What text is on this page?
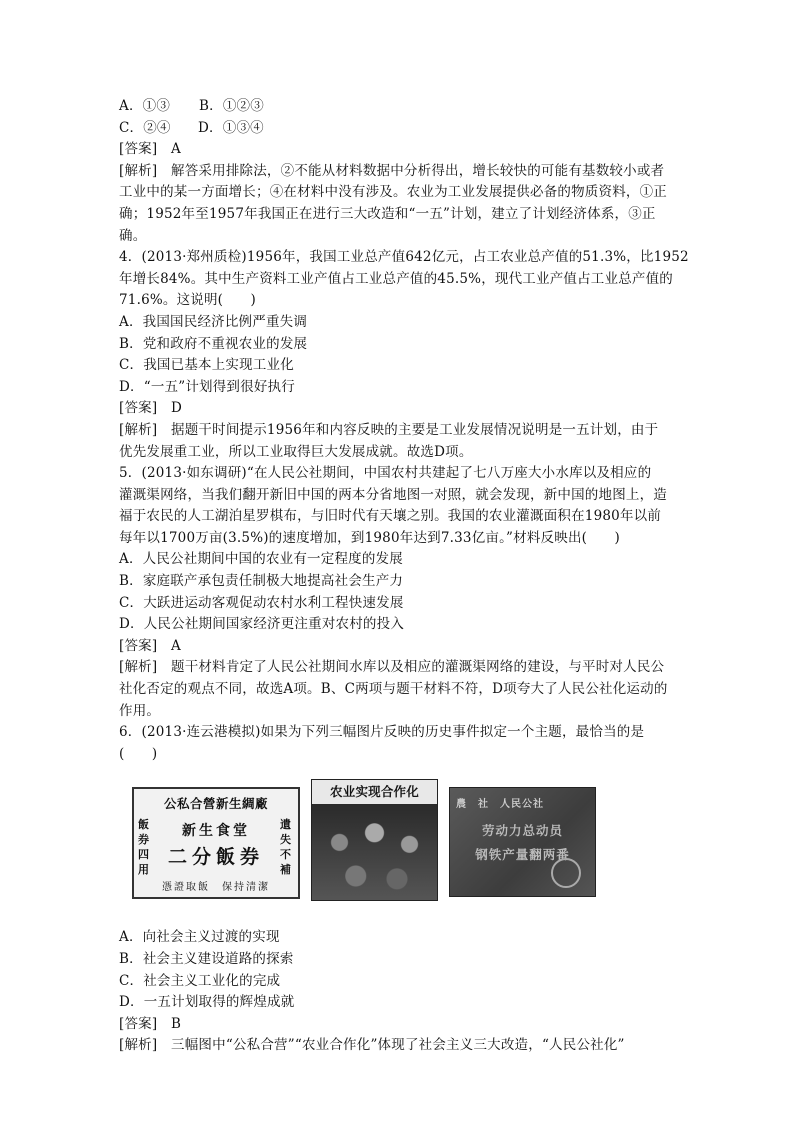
A．①③ B．①②③
C．②④　　D．①③④
[答案]　A
[解析]　解答采用排除法，②不能从材料数据中分析得出，增长较快的可能有基数较小或者
工业中的某一方面增长；④在材料中没有涉及。农业为工业发展提供必备的物质资料，①正
确；1952年至1957年我国正在进行三大改造和“一五”计划，建立了计划经济体系，③正
确。
4．(2013·郑州质检)1956年，我国工业总产值642亿元，占工农业总产值的51.3%，比1952
年增长84%。其中生产资料工业产值占工业总产值的45.5%，现代工业产值占工业总产值的
71.6%。这说明(　　)
A．我国国民经济比例严重失调
B．党和政府不重视农业的发展
C．我国已基本上实现工业化
D．“一五”计划得到很好执行
[答案]　D
[解析]　据题干时间提示1956年和内容反映的主要是工业发展情况说明是一五计划，由于
优先发展重工业，所以工业取得巨大发展成就。故选D项。
5．(2013·如东调研)“在人民公社期间，中国农村共建起了七八万座大小水库以及相应的
灌溉渠网络，当我们翻开新旧中国的两本分省地图一对照，就会发现，新中国的地图上，造
福于农民的人工湖泊星罗棋布，与旧时代有天壤之别。我国的农业灌溉面积在1980年以前
每年以1700万亩(3.5%)的速度增加，到1980年达到7.33亿亩。”材料反映出(　　)
A．人民公社期间中国的农业有一定程度的发展
B．家庭联产承包责任制极大地提高社会生产力
C．大跃进运动客观促动农村水利工程快速发展
D．人民公社期间国家经济更注重对农村的投入
[答案]　A
[解析]　题干材料肯定了人民公社期间水库以及相应的灌溉渠网络的建设，与平时对人民公
社化否定的观点不同，故选A项。B、C两项与题干材料不符，D项夸大了人民公社化运动的
作用。
6．(2013·连云港模拟)如果为下列三幅图片反映的历史事件拟定一个主题，最恰当的是
(　　)
公私合營新生綢廠
飯券四用
遺失不補
新生食堂
二分飯券
憑證取飯　保持清潔
农业实现合作化
農　社　人民公社
劳动力总动员
钢铁产量翻两番
A．向社会主义过渡的实现
B．社会主义建设道路的探索
C．社会主义工业化的完成
D．一五计划取得的辉煌成就
[答案]　B
[解析]　三幅图中“公私合营”“农业合作化”体现了社会主义三大改造，“人民公社化”
